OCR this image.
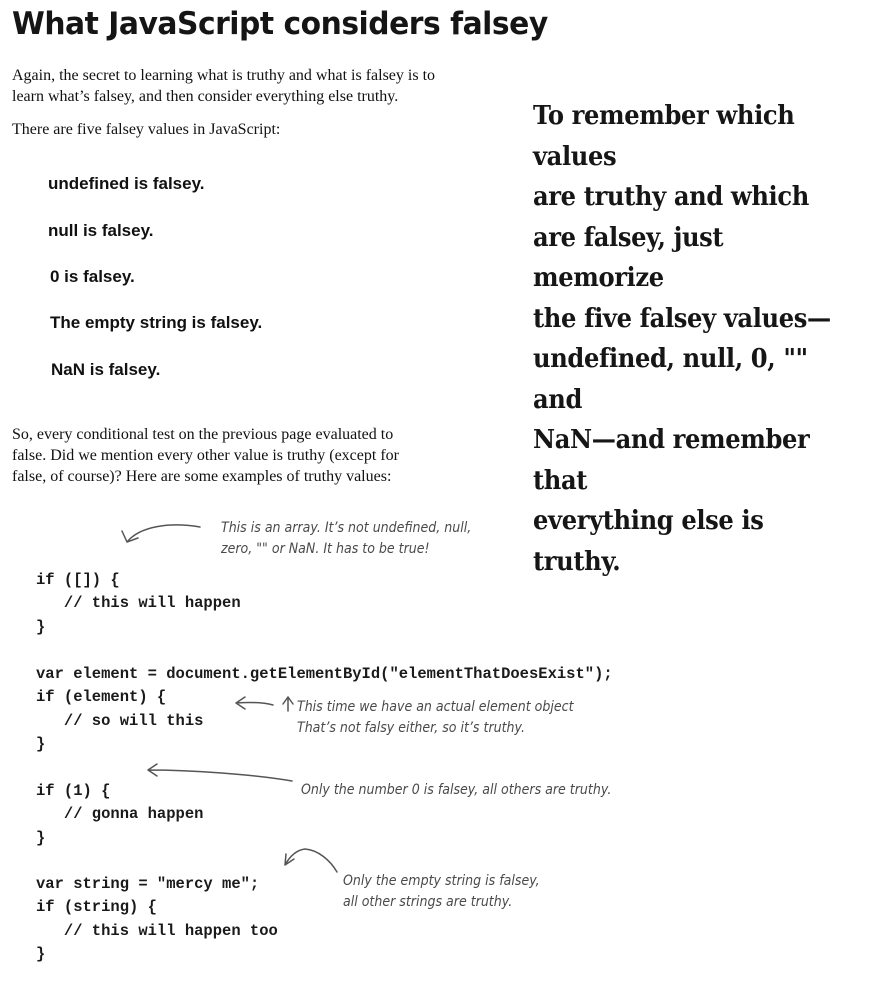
What JavaScript considers falsey

Again, the secret to learning what is truthy and what is falsey is to
learn what’s falsey, and then consider everything else truthy.

There are five falsey values in JavaScript:

undefined is falsey.

null is falsey.

0 is falsey.

The empty string is falsey.

NaN is falsey.

To remember which values
are truthy and which
are falsey, just memorize
the five falsey values—
undefined, null, 0, "" and
NaN—and remember that
everything else is truthy.

So, every conditional test on the previous page evaluated to
false. Did we mention every other value is truthy (except for
false, of course)? Here are some examples of truthy values:

This is an array. It’s not undefined, null,
zero, "" or NaN. It has to be true!

if ([]) {
// this will happen
}
var element = document.getElementById("elementThatDoesExist");
if (element) {
// so will this
}

This time we have an actual element object
That’s not falsy either, so it’s truthy.

if (1) {
// gonna happen
}

Only the number 0 is falsey, all others are truthy.

var string = "mercy me";
if (string) {
// this will happen too
}

Only the empty string is falsey,
all other strings are truthy.
